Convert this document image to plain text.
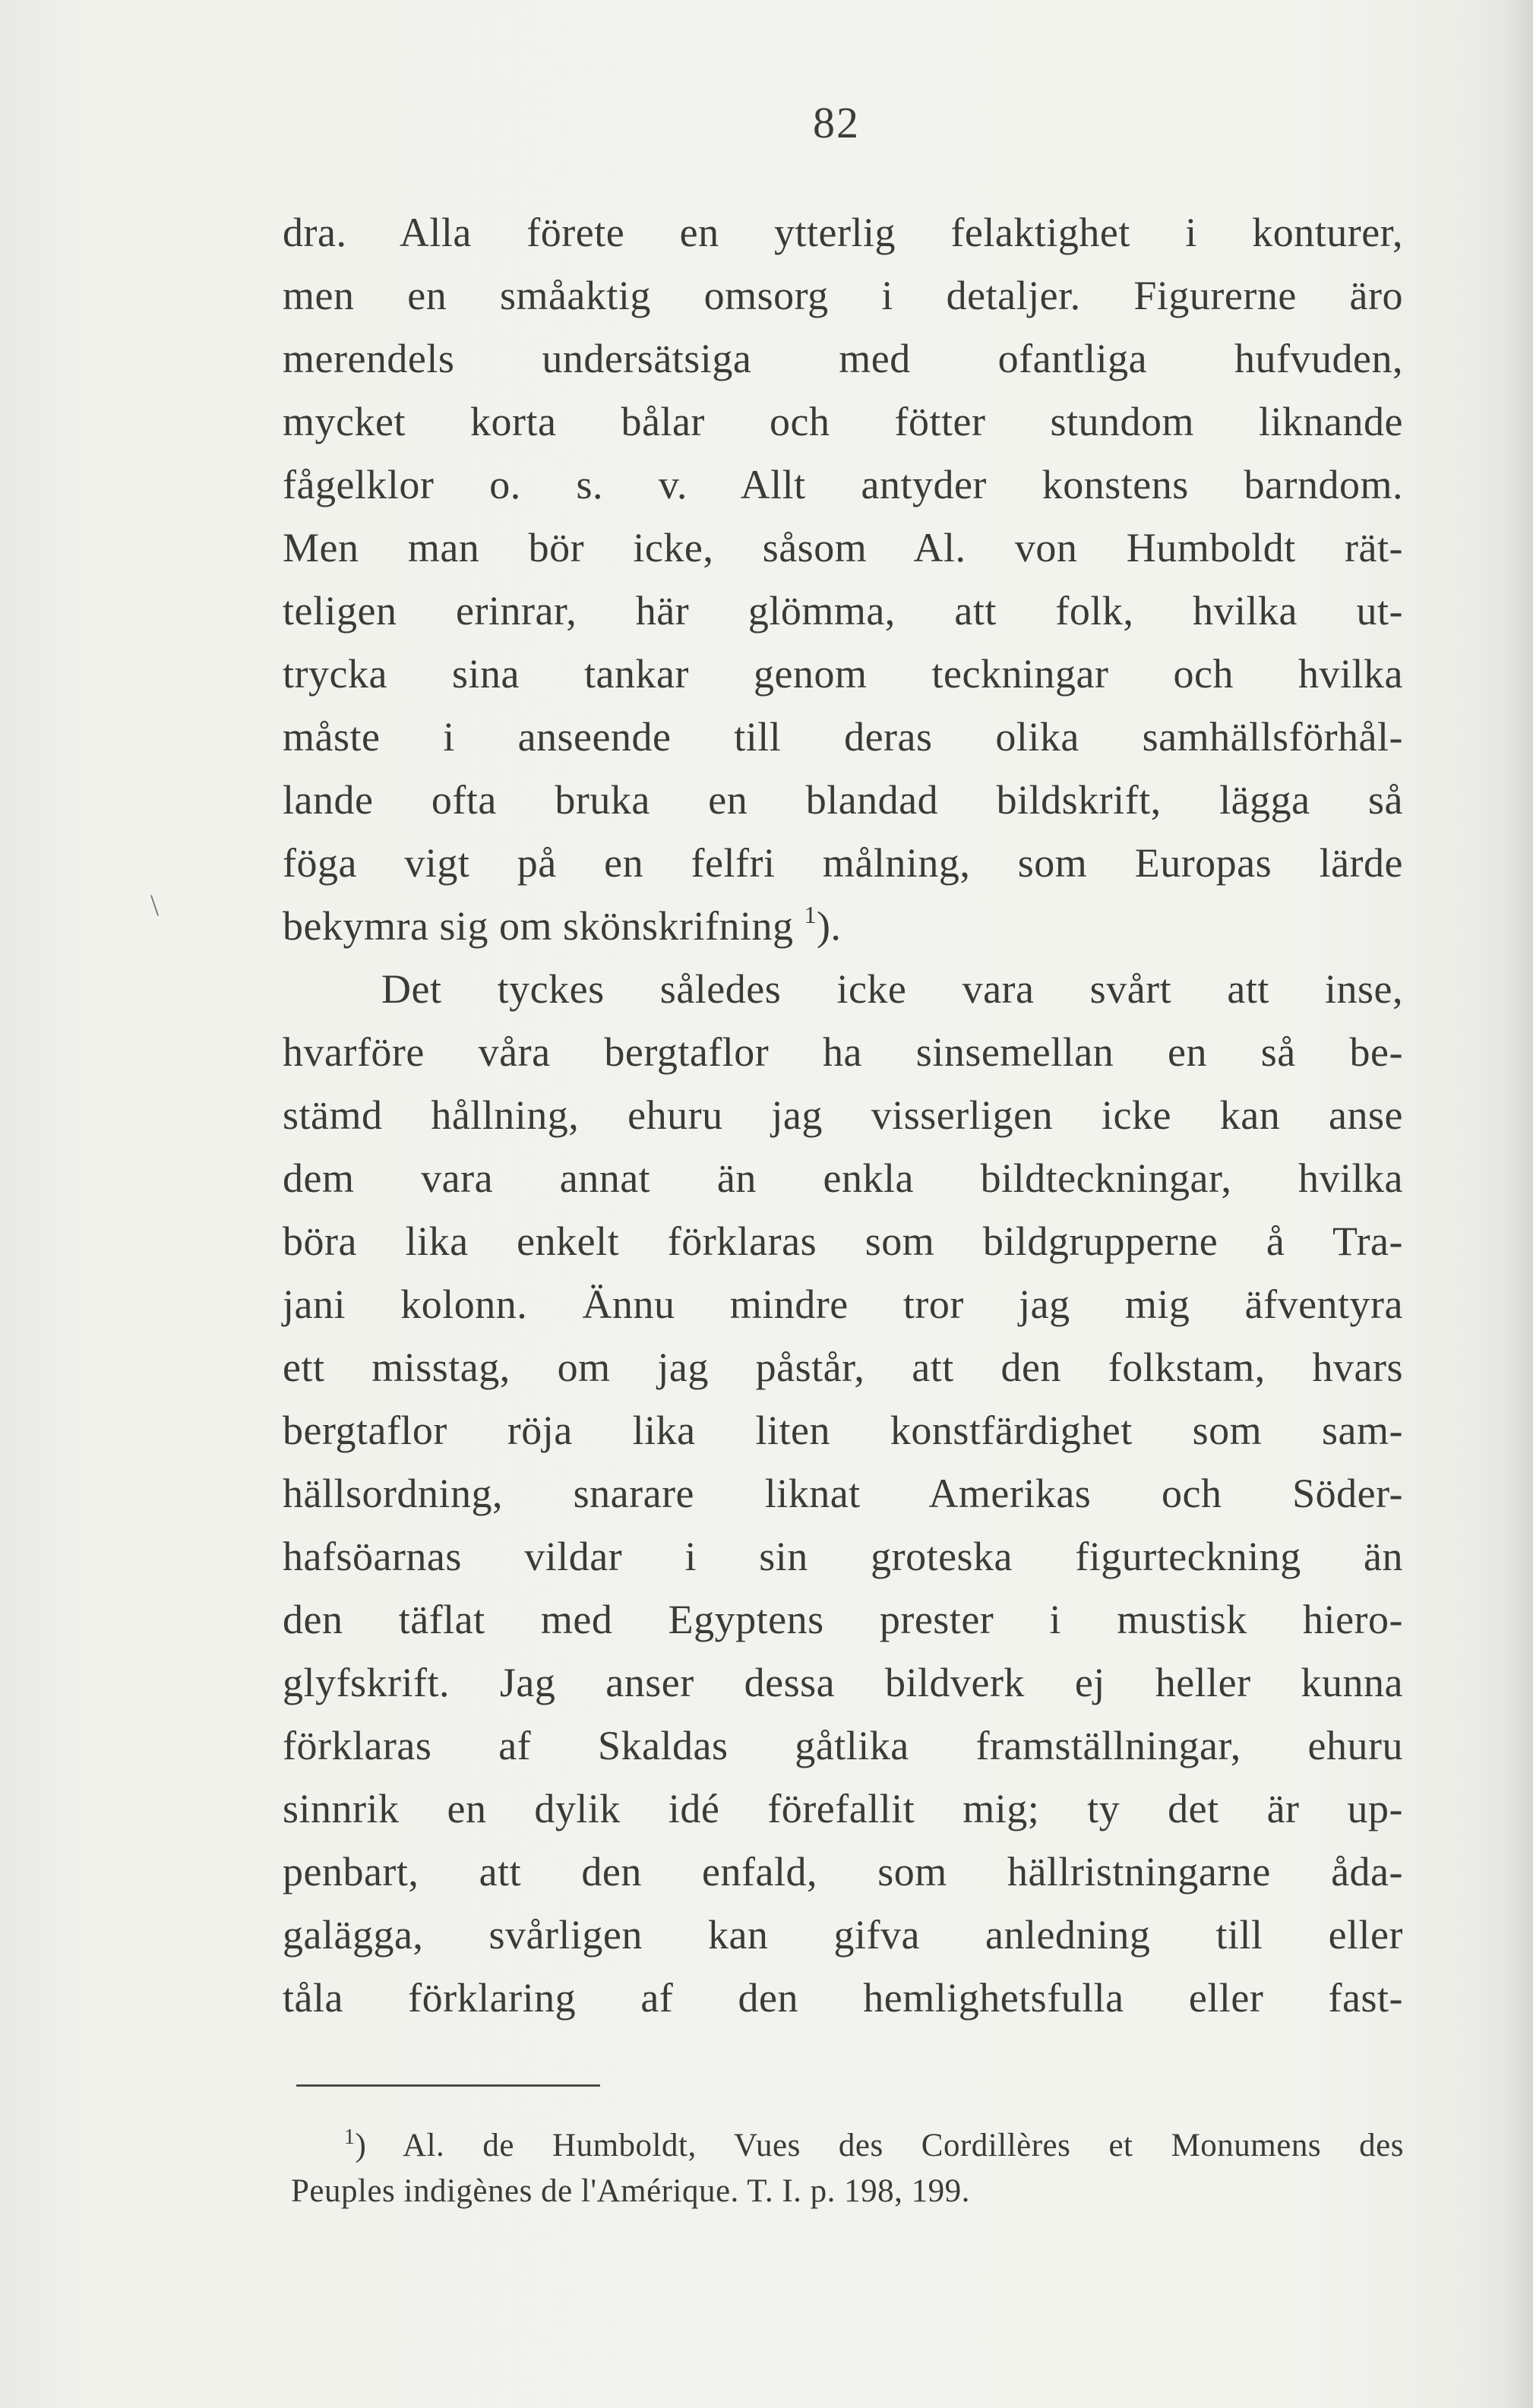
82
\
dra. Alla förete en ytterlig felaktighet i konturer,
men en småaktig omsorg i detaljer. Figurerne äro
merendels undersätsiga med ofantliga hufvuden,
mycket korta bålar och fötter stundom liknande
fågelklor o. s. v. Allt antyder konstens barndom.
Men man bör icke, såsom Al. von Humboldt rät-
teligen erinrar, här glömma, att folk, hvilka ut-
trycka sina tankar genom teckningar och hvilka
måste i anseende till deras olika samhällsförhål-
lande ofta bruka en blandad bildskrift, lägga så
föga vigt på en felfri målning, som Europas lärde
bekymra sig om skönskrifning $^1$).
Det tyckes således icke vara svårt att inse,
hvarföre våra bergtaflor ha sinsemellan en så be-
stämd hållning, ehuru jag visserligen icke kan anse
dem vara annat än enkla bildteckningar, hvilka
böra lika enkelt förklaras som bildgrupperne å Tra-
jani kolonn. Ännu mindre tror jag mig äfventyra
ett misstag, om jag påstår, att den folkstam, hvars
bergtaflor röja lika liten konstfärdighet som sam-
hällsordning, snarare liknat Amerikas och Söder-
hafsöarnas vildar i sin groteska figurteckning än
den täflat med Egyptens prester i mustisk hiero-
glyfskrift. Jag anser dessa bildverk ej heller kunna
förklaras af Skaldas gåtlika framställningar, ehuru
sinnrik en dylik idé förefallit mig; ty det är up-
penbart, att den enfald, som hällristningarne åda-
galägga, svårligen kan gifva anledning till eller
tåla förklaring af den hemlighetsfulla eller fast-
$^1$) Al. de Humboldt, Vues des Cordillères et Monumens des
Peuples indigènes de l'Amérique. T. I. p. 198, 199.
